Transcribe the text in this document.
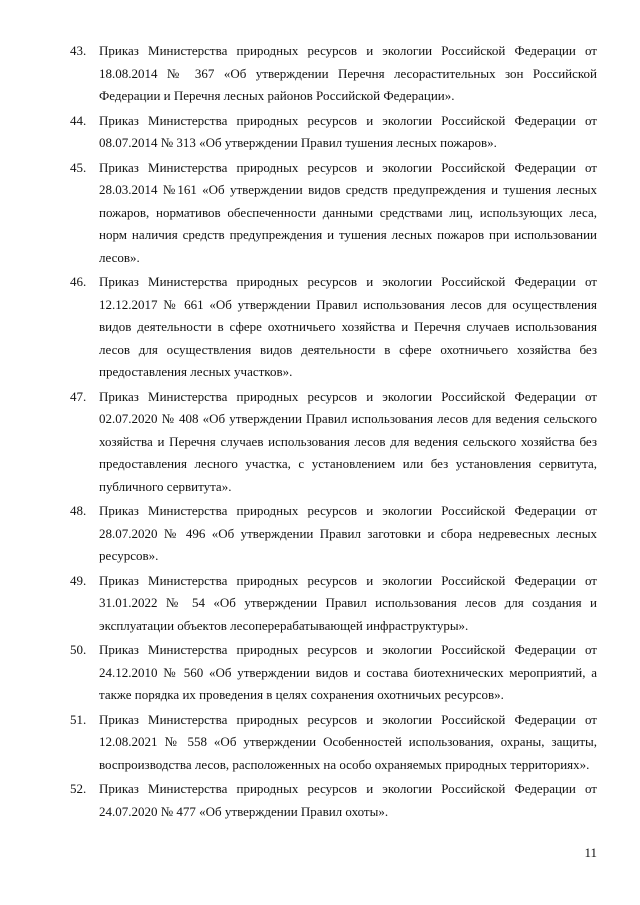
43. Приказ Министерства природных ресурсов и экологии Российской Федерации от 18.08.2014 № 367 «Об утверждении Перечня лесорастительных зон Российской Федерации и Перечня лесных районов Российской Федерации».
44. Приказ Министерства природных ресурсов и экологии Российской Федерации от 08.07.2014 № 313 «Об утверждении Правил тушения лесных пожаров».
45. Приказ Министерства природных ресурсов и экологии Российской Федерации от 28.03.2014 №161 «Об утверждении видов средств предупреждения и тушения лесных пожаров, нормативов обеспеченности данными средствами лиц, использующих леса, норм наличия средств предупреждения и тушения лесных пожаров при использовании лесов».
46. Приказ Министерства природных ресурсов и экологии Российской Федерации от 12.12.2017 № 661 «Об утверждении Правил использования лесов для осуществления видов деятельности в сфере охотничьего хозяйства и Перечня случаев использования лесов для осуществления видов деятельности в сфере охотничьего хозяйства без предоставления лесных участков».
47. Приказ Министерства природных ресурсов и экологии Российской Федерации от 02.07.2020 № 408 «Об утверждении Правил использования лесов для ведения сельского хозяйства и Перечня случаев использования лесов для ведения сельского хозяйства без предоставления лесного участка, с установлением или без установления сервитута, публичного сервитута».
48. Приказ Министерства природных ресурсов и экологии Российской Федерации от 28.07.2020 № 496 «Об утверждении Правил заготовки и сбора недревесных лесных ресурсов».
49. Приказ Министерства природных ресурсов и экологии Российской Федерации от 31.01.2022 № 54 «Об утверждении Правил использования лесов для создания и эксплуатации объектов лесоперерабатывающей инфраструктуры».
50. Приказ Министерства природных ресурсов и экологии Российской Федерации от 24.12.2010 № 560 «Об утверждении видов и состава биотехнических мероприятий, а также порядка их проведения в целях сохранения охотничьих ресурсов».
51. Приказ Министерства природных ресурсов и экологии Российской Федерации от 12.08.2021 № 558 «Об утверждении Особенностей использования, охраны, защиты, воспроизводства лесов, расположенных на особо охраняемых природных территориях».
52. Приказ Министерства природных ресурсов и экологии Российской Федерации от 24.07.2020 № 477 «Об утверждении Правил охоты».
11
